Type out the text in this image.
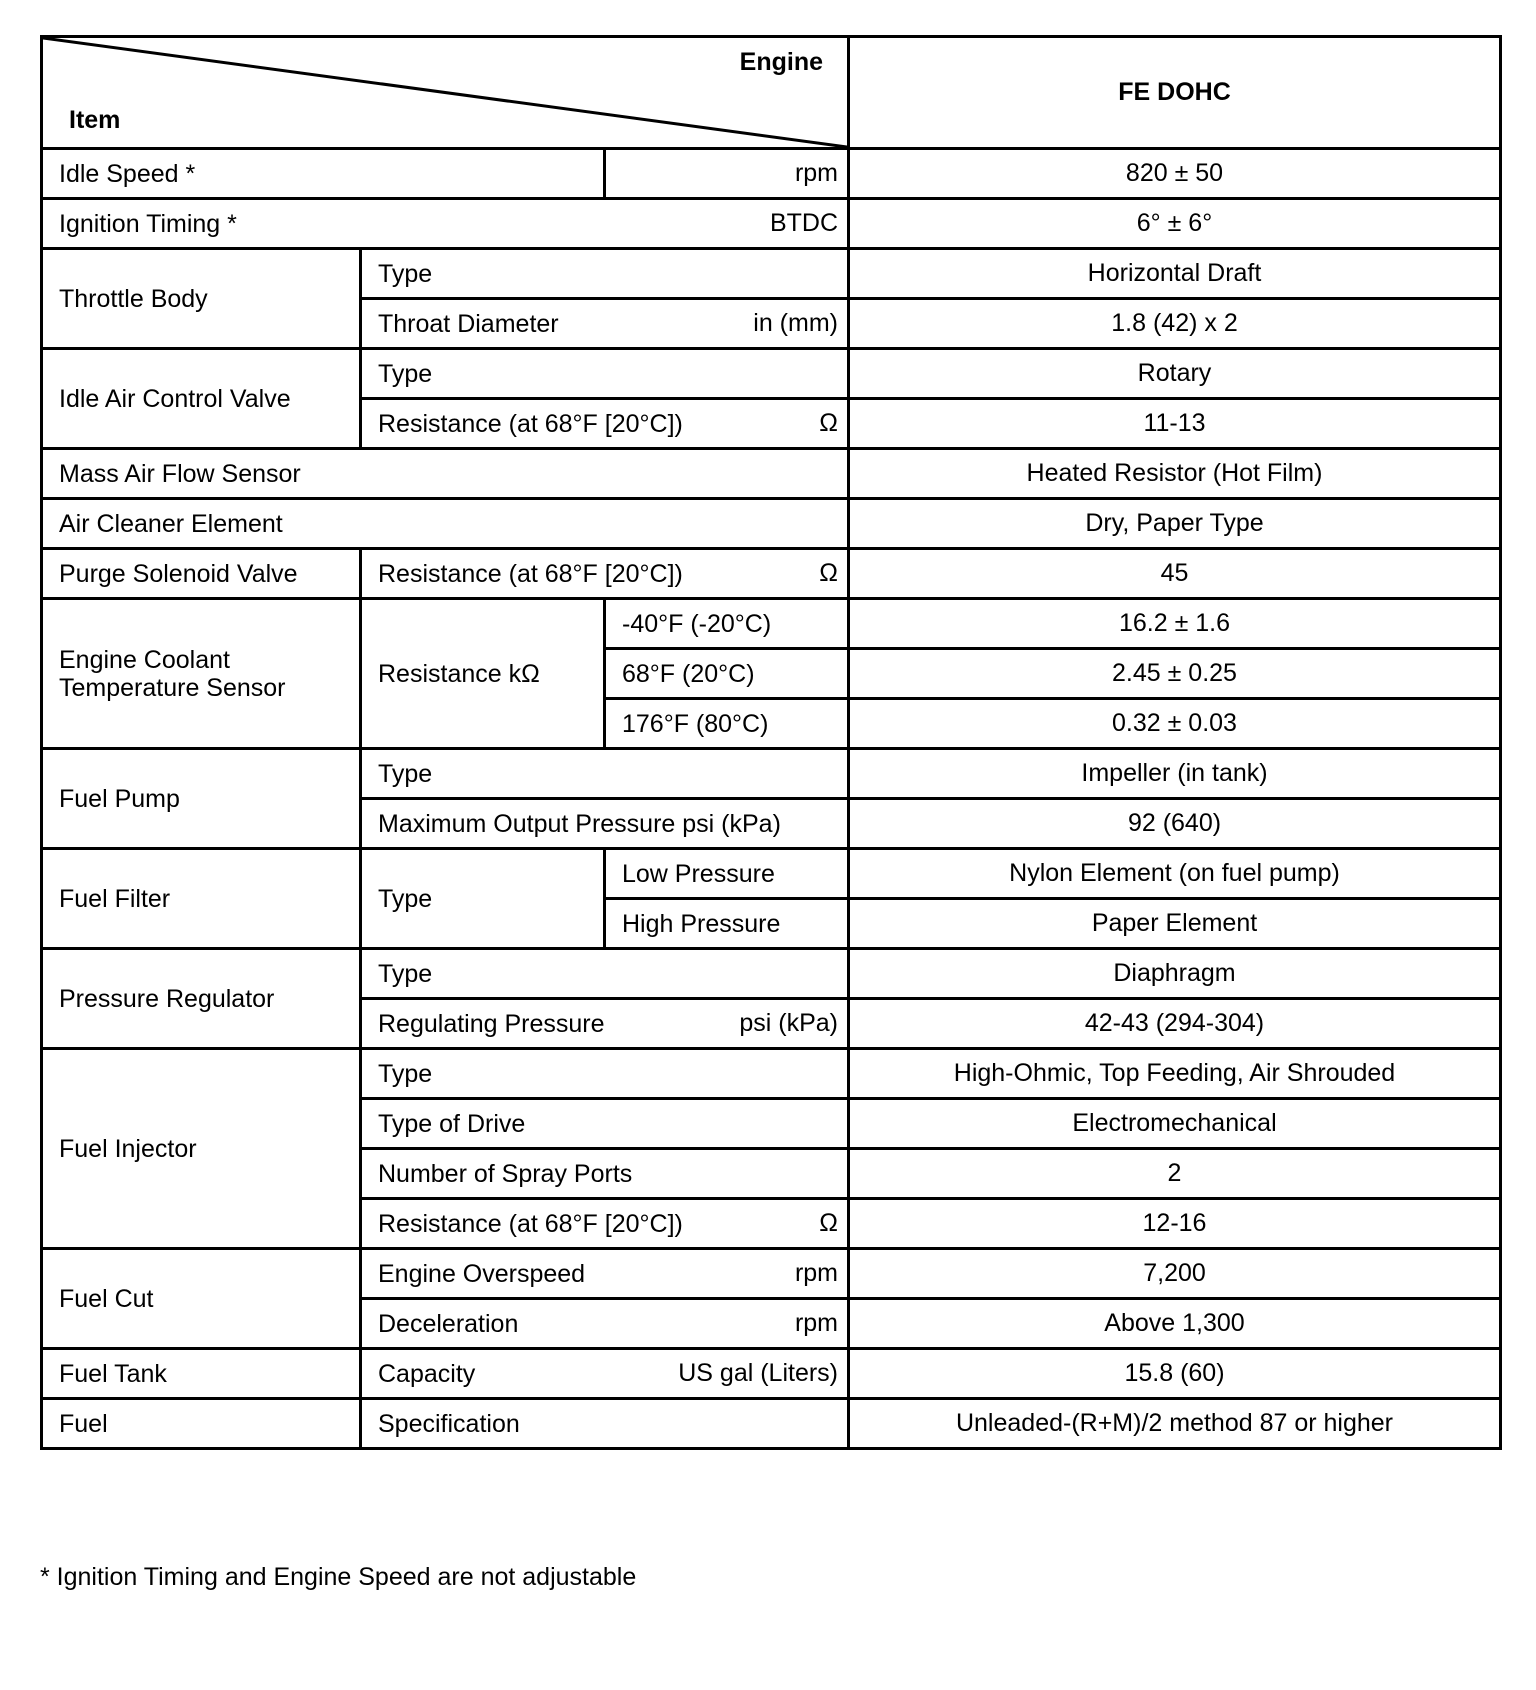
Engine
Item			FE DOHC

Idle Speed *		rpm	820 ± 50

Ignition Timing * BTDC			6° ± 6°

Throttle Body	Type		Horizontal Draft

	Throat Diameter in (mm)		1.8 (42) x 2

Idle Air Control Valve	Type		Rotary

	Resistance (at 68°F [20°C]) Ω		11-13

Mass Air Flow Sensor			Heated Resistor (Hot Film)

Air Cleaner Element			Dry, Paper Type

Purge Solenoid Valve	Resistance (at 68°F [20°C]) Ω		45

Engine Coolant
Temperature Sensor	Resistance kΩ	-40°F (-20°C)	16.2 ± 1.6

		68°F (20°C)	2.45 ± 0.25

		176°F (80°C)	0.32 ± 0.03

Fuel Pump	Type		Impeller (in tank)

	Maximum Output Pressure psi (kPa)		92 (640)

Fuel Filter	Type	Low Pressure	Nylon Element (on fuel pump)

		High Pressure	Paper Element

Pressure Regulator	Type		Diaphragm

	Regulating Pressure psi (kPa)		42-43 (294-304)

Fuel Injector	Type		High-Ohmic, Top Feeding, Air Shrouded

	Type of Drive		Electromechanical

	Number of Spray Ports		2

	Resistance (at 68°F [20°C]) Ω		12-16

Fuel Cut	Engine Overspeed rpm		7,200

	Deceleration rpm		Above 1,300

Fuel Tank	Capacity US gal (Liters)		15.8 (60)

Fuel	Specification		Unleaded-(R+M)/2 method 87 or higher
* Ignition Timing and Engine Speed are not adjustable
